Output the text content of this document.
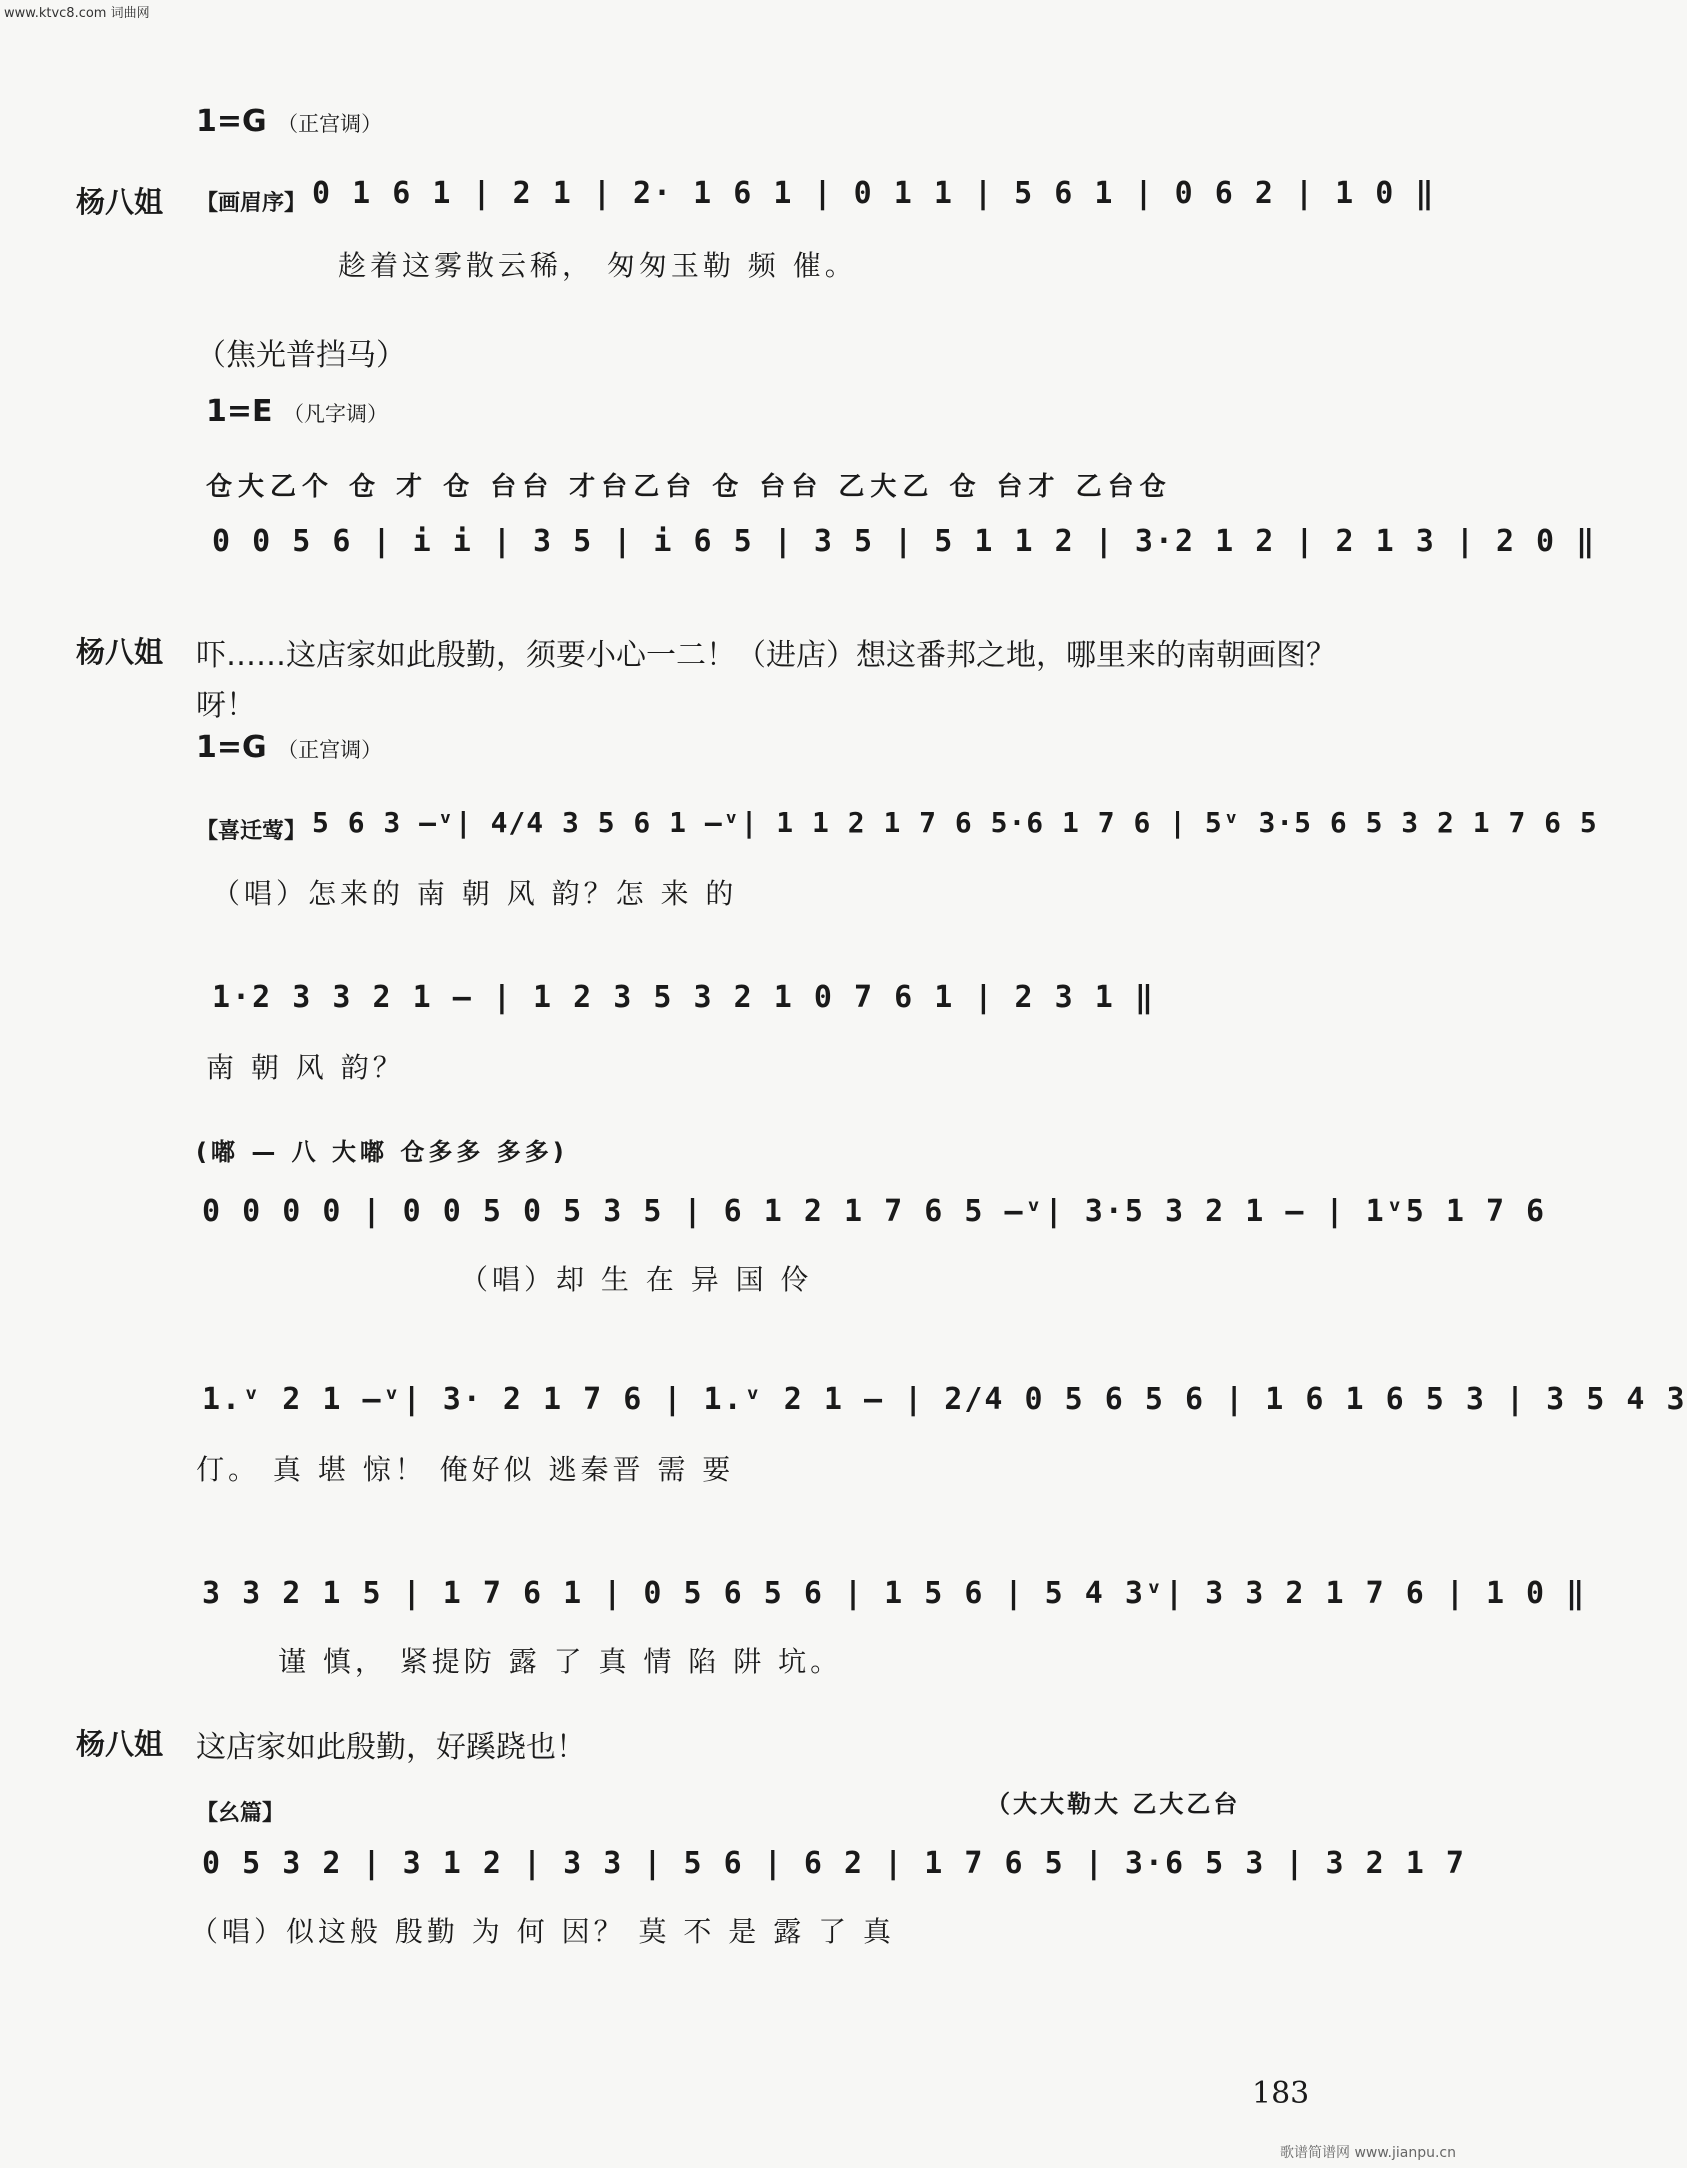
www.ktvc8.com 词曲网
1=G （正宫调）
杨八姐 【画眉序】 0 1 6 1 | 2 1 | 2· 1 6 1 | 0 1 1 | 5 6 1 | 0 6 2 | 1 0 ‖
趁着这雾散云稀， 匆匆玉勒 频 催。
（焦光普挡马）
1=E （凡字调）
仓大乙个 仓 才 仓 台台 才台乙台 仓 台台 乙大乙 仓 台才 乙台仓
0 0 5 6 | i i | 3 5 | i 6 5 | 3 5 | 5 1 1 2 | 3·2 1 2 | 2 1 3 | 2 0 ‖
杨八姐 吓……这店家如此殷勤，须要小心一二！（进店）想这番邦之地，哪里来的南朝画图？
呀！
1=G （正宫调）
【喜迁莺】 5 6 3 –ᵛ| 4/4 3 5 6 1 –ᵛ| 1 1 2 1 7 6 5·6 1 7 6 | 5ᵛ 3·5 6 5 3 2 1 7 6 5
（唱）怎来的 南 朝 风 韵？怎 来 的
1·2 3 3 2 1 – | 1 2 3 5 3 2 1 0 7 6 1 | 2 3 1 ‖
南 朝 风 韵？
(嘟 — 八 大嘟 仓多多 多多)
0 0 0 0 | 0 0 5 0 5 3 5 | 6 1 2 1 7 6 5 –ᵛ| 3·5 3 2 1 – | 1ᵛ5 1 7 6
（唱）却 生 在 异 国 伶
1.ᵛ 2 1 –ᵛ| 3· 2 1 7 6 | 1.ᵛ 2 1 – | 2/4 0 5 6 5 6 | 1 6 1 6 5 3 | 3 5 4 3
仃。 真 堪 惊！ 俺好似 逃秦晋 需 要
3 3 2 1 5 | 1 7 6 1 | 0 5 6 5 6 | 1 5 6 | 5 4 3ᵛ| 3 3 2 1 7 6 | 1 0 ‖
谨 慎， 紧提防 露 了 真 情 陷 阱 坑。
杨八姐 这店家如此殷勤，好蹊跷也！
【幺篇】	（大大勒大 乙大乙台
0 5 3 2 | 3 1 2 | 3 3 | 5 6 | 6 2 | 1 7 6 5 | 3·6 5 3 | 3 2 1 7
（唱）似这般 殷勤 为 何 因？ 莫 不 是 露 了 真
183
歌谱简谱网 www.jianpu.cn
